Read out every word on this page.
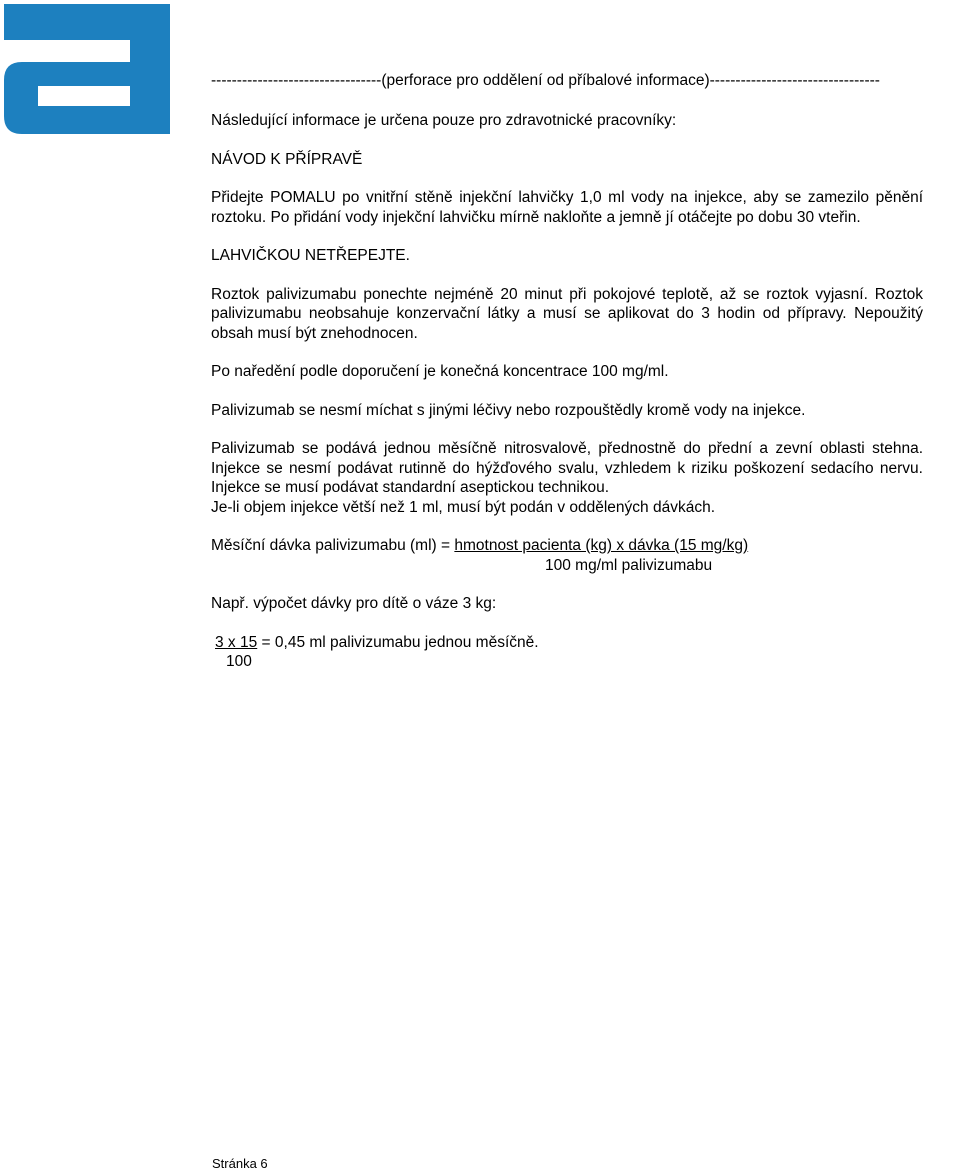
---------------------------------(perforace pro oddělení od příbalové informace)---------------------------------

Následující informace je určena pouze pro zdravotnické pracovníky:

NÁVOD K PŘÍPRAVĚ

Přidejte POMALU po vnitřní stěně injekční lahvičky 1,0 ml vody na injekce, aby se zamezilo pěnění roztoku. Po přidání vody injekční lahvičku mírně nakloňte a jemně jí otáčejte po dobu 30 vteřin.

LAHVIČKOU NETŘEPEJTE.

Roztok palivizumabu ponechte nejméně 20 minut při pokojové teplotě, až se roztok vyjasní. Roztok palivizumabu neobsahuje konzervační látky a musí se aplikovat do 3 hodin od přípravy. Nepoužitý obsah musí být znehodnocen.

Po naředění podle doporučení je konečná koncentrace 100 mg/ml.

Palivizumab se nesmí míchat s jinými léčivy nebo rozpouštědly kromě vody na injekce.

Palivizumab se podává jednou měsíčně nitrosvalově, přednostně do přední a zevní oblasti stehna. Injekce se nesmí podávat rutinně do hýžďového svalu, vzhledem k riziku poškození sedacího nervu. Injekce se musí podávat standardní aseptickou technikou.

Je-li objem injekce větší než 1 ml, musí být podán v oddělených dávkách.

Měsíční dávka palivizumabu (ml) = hmotnost pacienta (kg) x dávka (15 mg/kg)

100 mg/ml palivizumabu

Např. výpočet dávky pro dítě o váze 3 kg:

3 x 15 = 0,45 ml palivizumabu jednou měsíčně.

100

Stránka 6
